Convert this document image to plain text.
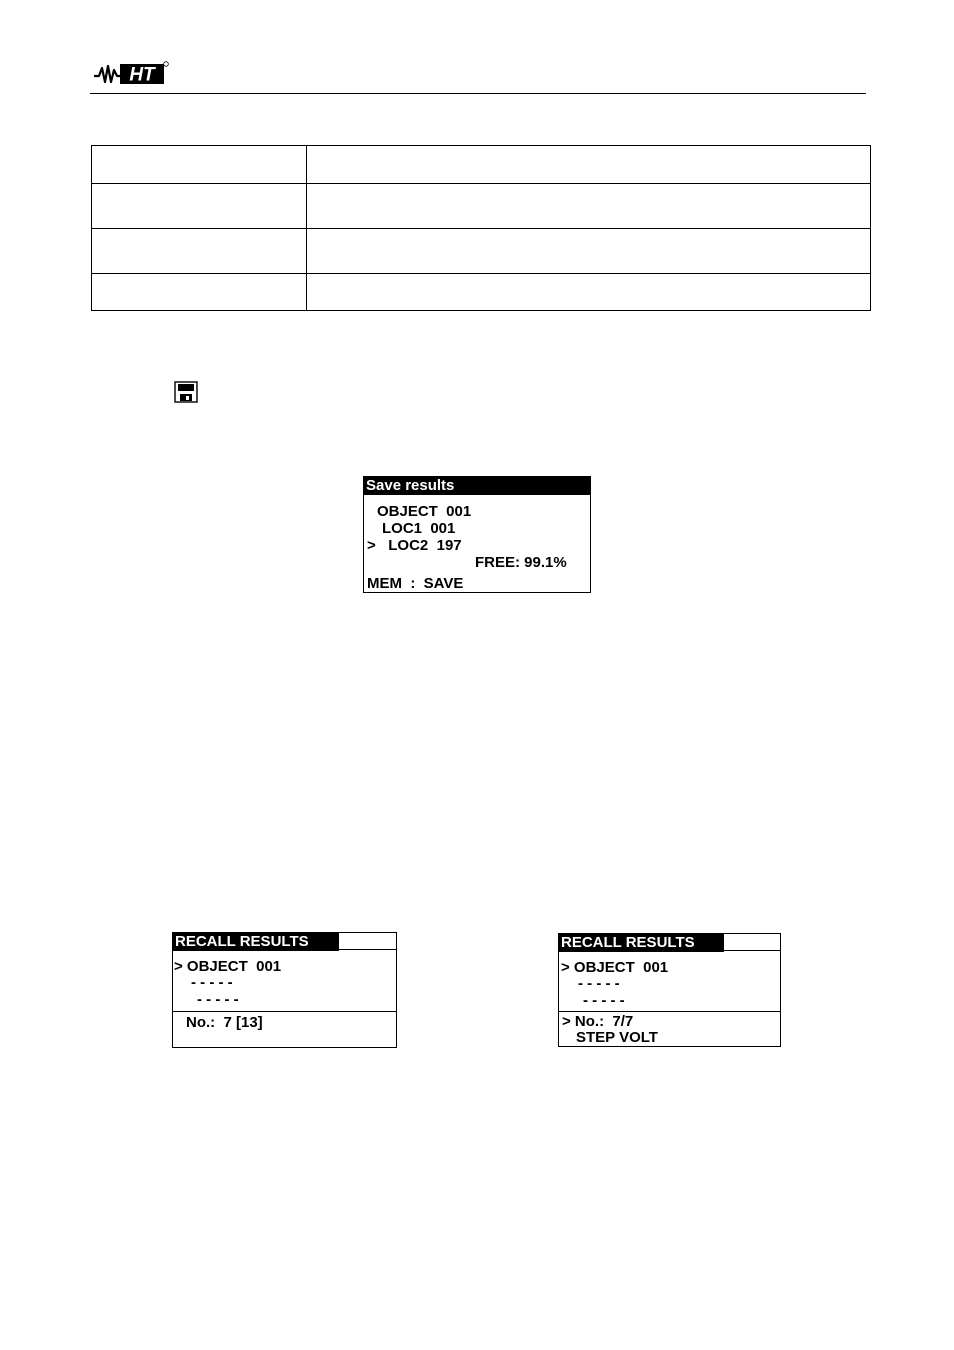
HT

Save results
OBJECT  001
LOC1  001
>   LOC2  197
FREE: 99.1%
MEM  :  SAVE
RECALL RESULTS
> OBJECT  001
- - - - -
- - - - -
No.:  7 [13]
RECALL RESULTS
> OBJECT  001
- - - - -
- - - - -
> No.:  7/7
STEP VOLT
